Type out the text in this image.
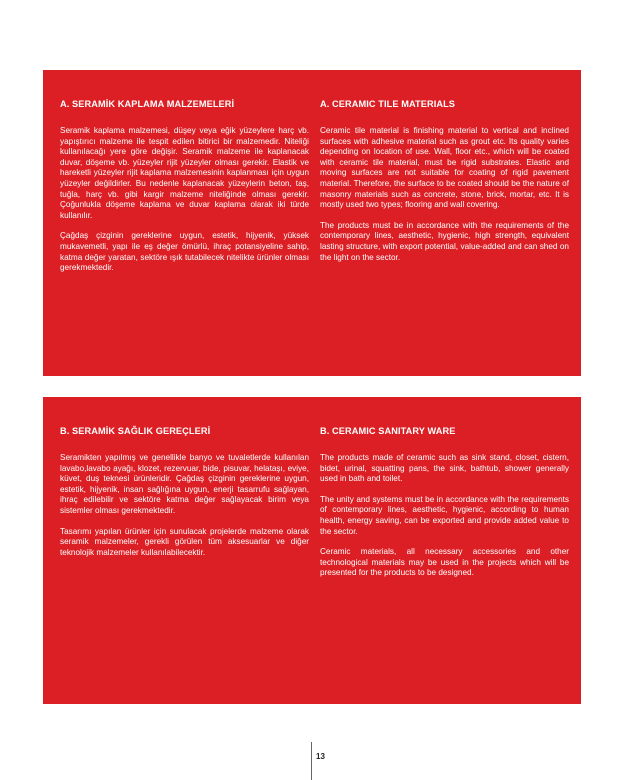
A. SERAMİK KAPLAMA MALZEMELERİ

Seramik kaplama malzemesi, düşey veya eğik yüzeylere harç vb. yapıştırıcı malzeme ile tespit edilen bitirici bir malzemedir. Niteliği kullanılacağı yere göre değişir. Seramik malzeme ile kaplanacak duvar, döşeme vb. yüzeyler rijit yüzeyler olması gerekir. Elastik ve hareketli yüzeyler rijit kaplama malzemesinin kaplanması için uygun yüzeyler değildirler. Bu nedenle kaplanacak yüzeylerin beton, taş, tuğla, harç vb. gibi kargir malzeme niteliğinde olması gerekir. Çoğunlukla döşeme kaplama ve duvar kaplama olarak iki türde kullanılır.

Çağdaş çizginin gereklerine uygun, estetik, hijyenik, yüksek mukavemetli, yapı ile eş değer ömürlü, ihraç potansiyeline sahip, katma değer yaratan, sektöre ışık tutabilecek nitelikte ürünler olması gerekmektedir.

A. CERAMIC TILE MATERIALS

Ceramic tile material is finishing material to vertical and inclined surfaces with adhesive material such as grout etc. Its quality varies depending on location of use. Wall, floor etc., which will be coated with ceramic tile material, must be rigid substrates. Elastic and moving surfaces are not suitable for coating of rigid pavement material. Therefore, the surface to be coated should be the nature of masonry materials such as concrete, stone, brick, mortar, etc. It is mostly used two types; flooring and wall covering.

The products must be in accordance with the requirements of the contemporary lines, aesthetic, hygienic, high strength, equivalent lasting structure, with export potential, value-added and can shed on the light on the sector.

B. SERAMİK SAĞLIK GEREÇLERİ

Seramikten yapılmış ve genellikle banyo ve tuvaletlerde kullanılan lavabo,lavabo ayağı, klozet, rezervuar, bide, pisuvar, helataşı, eviye, küvet, duş teknesi ürünleridir. Çağdaş çizginin gereklerine uygun, estetik, hijyenik, insan sağlığına uygun, enerji tasarrufu sağlayan, ihraç edilebilir ve sektöre katma değer sağlayacak birim veya sistemler olması gerekmektedir.

Tasarımı yapılan ürünler için sunulacak projelerde malzeme olarak seramik malzemeler, gerekli görülen tüm aksesuarlar ve diğer teknolojik malzemeler kullanılabilecektir.

B. CERAMIC SANITARY WARE

The products made of ceramic such as sink stand, closet, cistern, bidet, urinal, squatting pans, the sink, bathtub, shower generally used in bath and toilet.

The unity and systems must be in accordance with the requirements of contemporary lines, aesthetic, hygienic, according to human health, energy saving, can be exported and provide added value to the sector.

Ceramic materials, all necessary accessories and other technological materials may be used in the projects which will be presented for the products to be designed.

13
